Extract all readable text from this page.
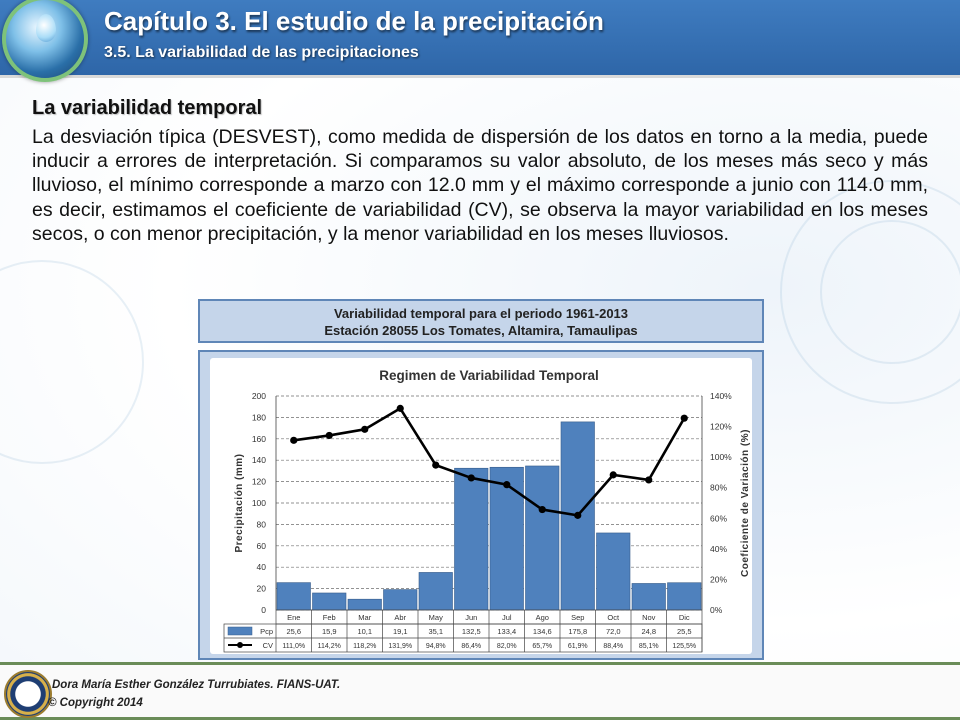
Capítulo 3. El estudio de la precipitación
3.5. La variabilidad de las precipitaciones
La variabilidad temporal

La desviación típica (DESVEST), como medida de dispersión de los datos en torno a la media, puede inducir a errores de interpretación. Si comparamos su valor absoluto, de los meses más seco y más lluvioso, el mínimo corresponde a marzo con 12.0 mm y el máximo corresponde a junio con 114.0 mm, es decir, estimamos el coeficiente de variabilidad (CV), se observa la mayor variabilidad en los meses secos, o con menor precipitación, y la menor variabilidad en los meses lluviosos.

Variabilidad temporal para el periodo 1961-2013
Estación 28055 Los Tomates, Altamira, Tamaulipas
Regimen de Variabilidad Temporal
0
20
40
60
80
100
120
140
160
180
200
0%
20%
40%
60%
80%
100%
120%
140%
Precipitación (mm)	Coeficiente de Variación (%)
Ene	Feb	Mar	Abr	May	Jun	Jul	Ago	Sep	Oct	Nov	Dic
Pcp
CV
25,6	15,9	10,1	19,1	35,1	132,5 133,4 134,6 175,8	72,0	24,8	25,5
111,0% 114,2% 118,2% 131,9% 94,8% 86,4% 82,0% 65,7% 61,9% 88,4% 85,1% 125,5%

Dora María Esther González Turrubiates. FIANS-UAT.

© Copyright 2014
